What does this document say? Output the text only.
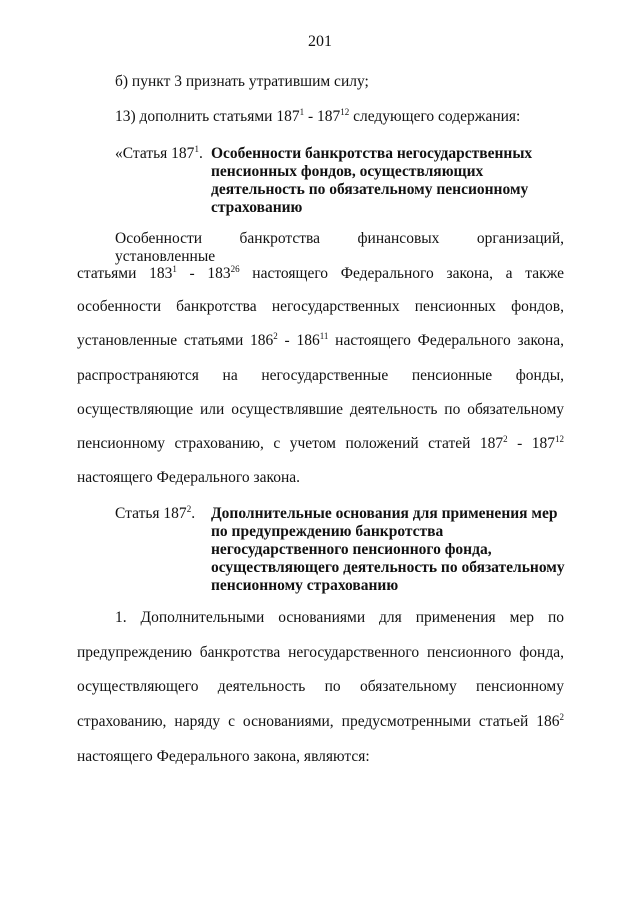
201
б) пункт 3 признать утратившим силу;
13) дополнить статьями $187^1 - 187^{12}$ следующего содержания:
«Статья $187^1$. Особенности банкротства негосударственных
пенсионных фондов, осуществляющих
деятельность по обязательному пенсионному
страхованию
Особенности банкротства финансовых организаций, установленные
статьями $183^1 - 183^{26}$ настоящего Федерального закона, а также
особенности банкротства негосударственных пенсионных фондов,
установленные статьями $186^2 - 186^{11}$ настоящего Федерального закона,
распространяются на негосударственные пенсионные фонды,
осуществляющие или осуществлявшие деятельность по обязательному
пенсионному страхованию, с учетом положений статей $187^2 - 187^{12}$
настоящего Федерального закона.
Статья $187^2$.	Дополнительные основания для применения мер
по предупреждению банкротства
негосударственного пенсионного фонда,
осуществляющего деятельность по обязательному
пенсионному страхованию
1. Дополнительными основаниями для применения мер по
предупреждению банкротства негосударственного пенсионного фонда,
осуществляющего деятельность по обязательному пенсионному
страхованию, наряду с основаниями, предусмотренными статьей $186^2$
настоящего Федерального закона, являются:
